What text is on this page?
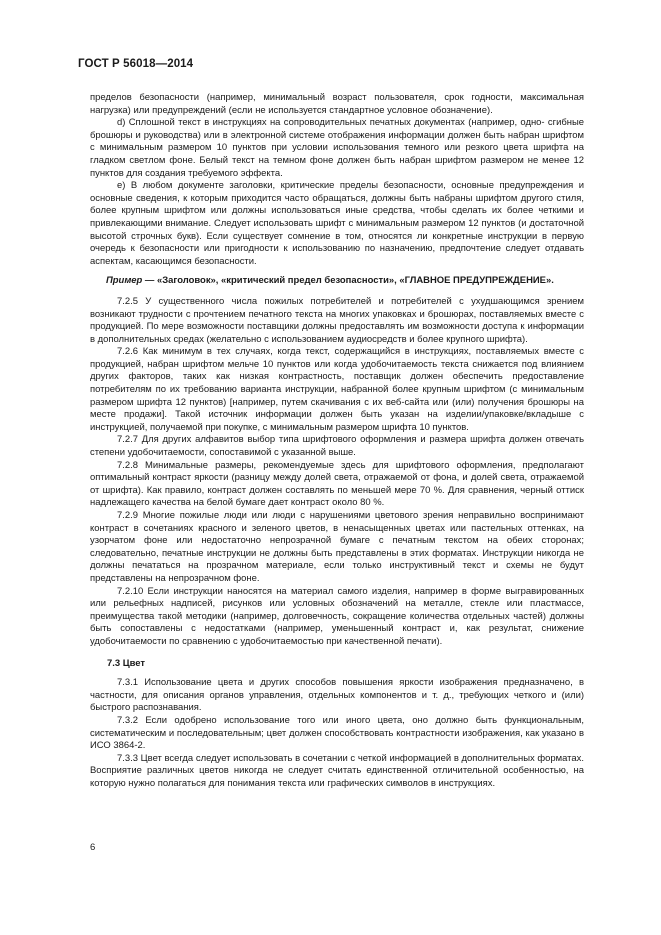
ГОСТ Р 56018—2014

пределов безопасности (например, минимальный возраст пользователя, срок годности, максимальная нагрузка) или предупреждений (если не используется стандартное условное обозначение).

d) Сплошной текст в инструкциях на сопроводительных печатных документах (например, одно- сгибные брошюры и руководства) или в электронной системе отображения информации должен быть набран шрифтом с минимальным размером 10 пунктов при условии использования темного или резкого цвета шрифта на гладком светлом фоне. Белый текст на темном фоне должен быть набран шрифтом размером не менее 12 пунктов для создания требуемого эффекта.

e) В любом документе заголовки, критические пределы безопасности, основные предупреждения и основные сведения, к которым приходится часто обращаться, должны быть набраны шрифтом другого стиля, более крупным шрифтом или должны использоваться иные средства, чтобы сделать их более четкими и привлекающими внимание. Следует использовать шрифт с минимальным размером 12 пунктов (и достаточной высотой строчных букв). Если существует сомнение в том, относятся ли конкретные инструкции в первую очередь к безопасности или пригодности к использованию по назначению, предпочтение следует отдавать аспектам, касающимся безопасности.

Пример — «Заголовок», «критический предел безопасности», «ГЛАВНОЕ ПРЕДУПРЕЖДЕНИЕ».

7.2.5 У существенного числа пожилых потребителей и потребителей с ухудшающимся зрением возникают трудности с прочтением печатного текста на многих упаковках и брошюрах, поставляемых вместе с продукцией. По мере возможности поставщики должны предоставлять им возможности доступа к информации в дополнительных средах (желательно с использованием аудиосредств и более крупного шрифта).

7.2.6 Как минимум в тех случаях, когда текст, содержащийся в инструкциях, поставляемых вместе с продукцией, набран шрифтом мельче 10 пунктов или когда удобочитаемость текста снижается под влиянием других факторов, таких как низкая контрастность, поставщик должен обеспечить предоставление потребителям по их требованию варианта инструкции, набранной более крупным шрифтом (с минимальным размером шрифта 12 пунктов) [например, путем скачивания с их веб-сайта или (или) получения брошюры на месте продажи]. Такой источник информации должен быть указан на изделии/упаковке/вкладыше с инструкцией, получаемой при покупке, с минимальным размером шрифта 10 пунктов.

7.2.7 Для других алфавитов выбор типа шрифтового оформления и размера шрифта должен отвечать степени удобочитаемости, сопоставимой с указанной выше.

7.2.8 Минимальные размеры, рекомендуемые здесь для шрифтового оформления, предполагают оптимальный контраст яркости (разницу между долей света, отражаемой от фона, и долей света, отражаемой от шрифта). Как правило, контраст должен составлять по меньшей мере 70 %. Для сравнения, черный оттиск надлежащего качества на белой бумаге дает контраст около 80 %.

7.2.9 Многие пожилые люди или люди с нарушениями цветового зрения неправильно воспринимают контраст в сочетаниях красного и зеленого цветов, в ненасыщенных цветах или пастельных оттенках, на узорчатом фоне или недостаточно непрозрачной бумаге с печатным текстом на обеих сторонах; следовательно, печатные инструкции не должны быть представлены в этих форматах. Инструкции никогда не должны печататься на прозрачном материале, если только инструктивный текст и схемы не будут представлены на непрозрачном фоне.

7.2.10 Если инструкции наносятся на материал самого изделия, например в форме выгравированных или рельефных надписей, рисунков или условных обозначений на металле, стекле или пластмассе, преимущества такой методики (например, долговечность, сокращение количества отдельных частей) должны быть сопоставлены с недостатками (например, уменьшенный контраст и, как результат, снижение удобочитаемости по сравнению с удобочитаемостью при качественной печати).

7.3 Цвет

7.3.1 Использование цвета и других способов повышения яркости изображения предназначено, в частности, для описания органов управления, отдельных компонентов и т. д., требующих четкого и (или) быстрого распознавания.

7.3.2 Если одобрено использование того или иного цвета, оно должно быть функциональным, систематическим и последовательным; цвет должен способствовать контрастности изображения, как указано в ИСО 3864-2.

7.3.3 Цвет всегда следует использовать в сочетании с четкой информацией в дополнительных форматах. Восприятие различных цветов никогда не следует считать единственной отличительной особенностью, на которую нужно полагаться для понимания текста или графических символов в инструкциях.

6
